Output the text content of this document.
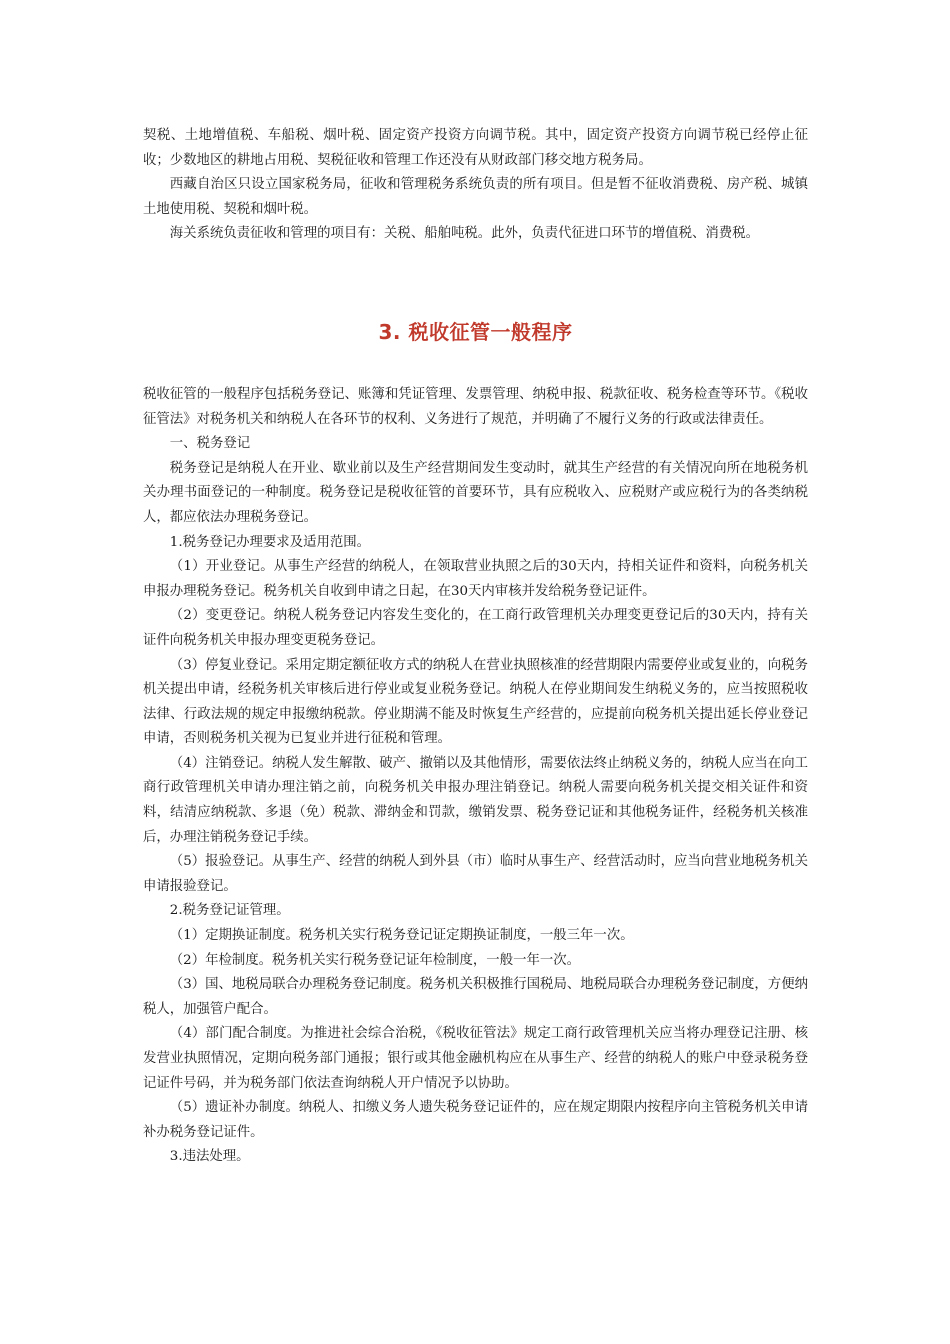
契税、土地增值税、车船税、烟叶税、固定资产投资方向调节税。其中，固定资产投资方向调节税已经停止征收；少数地区的耕地占用税、契税征收和管理工作还没有从财政部门移交地方税务局。

西藏自治区只设立国家税务局，征收和管理税务系统负责的所有项目。但是暂不征收消费税、房产税、城镇土地使用税、契税和烟叶税。

海关系统负责征收和管理的项目有：关税、船舶吨税。此外，负责代征进口环节的增值税、消费税。

3. 税收征管一般程序

税收征管的一般程序包括税务登记、账簿和凭证管理、发票管理、纳税申报、税款征收、税务检查等环节。《税收征管法》对税务机关和纳税人在各环节的权利、义务进行了规范，并明确了不履行义务的行政或法律责任。

一、税务登记

税务登记是纳税人在开业、歇业前以及生产经营期间发生变动时，就其生产经营的有关情况向所在地税务机关办理书面登记的一种制度。税务登记是税收征管的首要环节，具有应税收入、应税财产或应税行为的各类纳税人，都应依法办理税务登记。

1.税务登记办理要求及适用范围。

（1）开业登记。从事生产经营的纳税人，在领取营业执照之后的30天内，持相关证件和资料，向税务机关申报办理税务登记。税务机关自收到申请之日起，在30天内审核并发给税务登记证件。

（2）变更登记。纳税人税务登记内容发生变化的，在工商行政管理机关办理变更登记后的30天内，持有关证件向税务机关申报办理变更税务登记。

（3）停复业登记。采用定期定额征收方式的纳税人在营业执照核准的经营期限内需要停业或复业的，向税务机关提出申请，经税务机关审核后进行停业或复业税务登记。纳税人在停业期间发生纳税义务的，应当按照税收法律、行政法规的规定申报缴纳税款。停业期满不能及时恢复生产经营的，应提前向税务机关提出延长停业登记申请，否则税务机关视为已复业并进行征税和管理。

（4）注销登记。纳税人发生解散、破产、撤销以及其他情形，需要依法终止纳税义务的，纳税人应当在向工商行政管理机关申请办理注销之前，向税务机关申报办理注销登记。纳税人需要向税务机关提交相关证件和资料，结清应纳税款、多退（免）税款、滞纳金和罚款，缴销发票、税务登记证和其他税务证件，经税务机关核准后，办理注销税务登记手续。

（5）报验登记。从事生产、经营的纳税人到外县（市）临时从事生产、经营活动时，应当向营业地税务机关申请报验登记。

2.税务登记证管理。

（1）定期换证制度。税务机关实行税务登记证定期换证制度，一般三年一次。

（2）年检制度。税务机关实行税务登记证年检制度，一般一年一次。

（3）国、地税局联合办理税务登记制度。税务机关积极推行国税局、地税局联合办理税务登记制度，方便纳税人，加强管户配合。

（4）部门配合制度。为推进社会综合治税，《税收征管法》规定工商行政管理机关应当将办理登记注册、核发营业执照情况，定期向税务部门通报；银行或其他金融机构应在从事生产、经营的纳税人的账户中登录税务登记证件号码，并为税务部门依法查询纳税人开户情况予以协助。

（5）遗证补办制度。纳税人、扣缴义务人遗失税务登记证件的，应在规定期限内按程序向主管税务机关申请补办税务登记证件。

3.违法处理。
